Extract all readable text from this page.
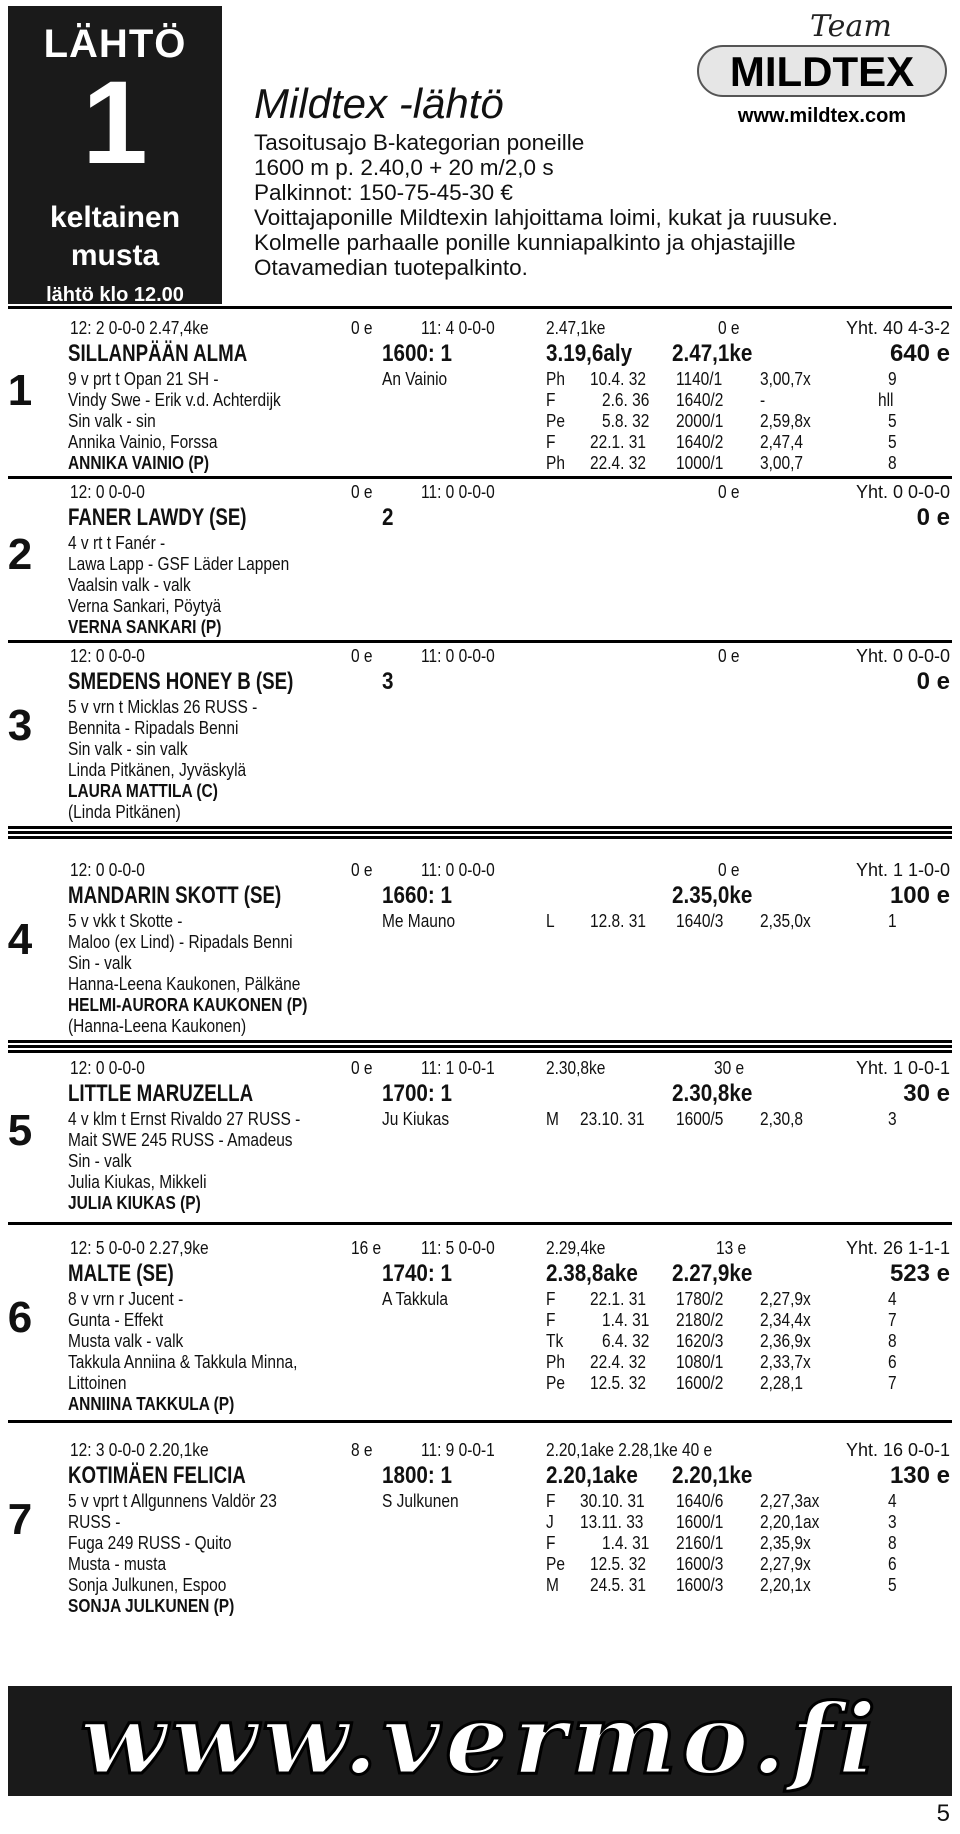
LÄHTÖ
1
keltainen
musta
lähtö klo 12.00
Mildtex -lähtö
Tasoitusajo B-kategorian poneille
1600 m p. 2.40,0 + 20 m/2,0 s
Palkinnot: 150-75-45-30 €
Voittajaponille Mildtexin lahjoittama loimi, kukat ja ruusuke.
Kolmelle parhaalle ponille kunniapalkinto ja ohjastajille
Otavamedian tuotepalkinto.
Team
MILDTEX
www.mildtex.com
1
12: 2 0-0-0 2.47,4ke	0 e	11: 4 0-0-0	2.47,1ke	0 e	Yht. 40 4-3-2
SILLANPÄÄN ALMA	1600: 1	3.19,6aly 2.47,1ke	640 e
9 v prt t Opan 21 SH -
Vindy Swe - Erik v.d. Achterdijk
Sin valk - sin
Annika Vainio, Forssa
ANNIKA VAINIO (P)
An Vainio	Ph 10.4. 32 1140/1 3,00,7x	9
F	2.6. 36 1640/2 -	hll
Pe 5.8. 32 2000/1 2,59,8x	5
F 22.1. 31 1640/2 2,47,4	5
Ph 22.4. 32 1000/1 3,00,7	8
2
12: 0 0-0-0	0 e	11: 0 0-0-0	0 e	Yht. 0 0-0-0
FANER LAWDY (SE)	2	0 e
4 v rt t Fanér -
Lawa Lapp - GSF Läder Lappen
Vaalsin valk - valk
Verna Sankari, Pöytyä
VERNA SANKARI (P)
3
12: 0 0-0-0	0 e	11: 0 0-0-0	0 e	Yht. 0 0-0-0
SMEDENS HONEY B (SE)	3	0 e
5 v vrn t Micklas 26 RUSS -
Bennita - Ripadals Benni
Sin valk - sin valk
Linda Pitkänen, Jyväskylä
LAURA MATTILA (C)
(Linda Pitkänen)
4
12: 0 0-0-0	0 e	11: 0 0-0-0	0 e	Yht. 1 1-0-0
MANDARIN SKOTT (SE)	1660: 1	2.35,0ke	100 e
5 v vkk t Skotte -
Maloo (ex Lind) - Ripadals Benni
Sin - valk
Hanna-Leena Kaukonen, Pälkäne
HELMI-AURORA KAUKONEN (P)
(Hanna-Leena Kaukonen)
Me Mauno	L 12.8. 31 1640/3 2,35,0x	1
5
12: 0 0-0-0	0 e	11: 1 0-0-1	2.30,8ke	30 e	Yht. 1 0-0-1
LITTLE MARUZELLA	1700: 1	2.30,8ke	30 e
4 v klm t Ernst Rivaldo 27 RUSS -
Mait SWE 245 RUSS - Amadeus
Sin - valk
Julia Kiukas, Mikkeli
JULIA KIUKAS (P)
Ju Kiukas	M 23.10. 31 1600/5 2,30,8	3
6
12: 5 0-0-0 2.27,9ke	16 e 11: 5 0-0-0	2.29,4ke	13 e	Yht. 26 1-1-1
MALTE (SE)	1740: 1	2.38,8ake 2.27,9ke	523 e
8 v vrn r Jucent -
Gunta - Effekt
Musta valk - valk
Takkula Anniina & Takkula Minna,
Littoinen
ANNIINA TAKKULA (P)
A Takkula	F 22.1. 31 1780/2 2,27,9x	4
F	1.4. 31 2180/2 2,34,4x	7
Tk 6.4. 32 1620/3 2,36,9x	8
Ph 22.4. 32 1080/1 2,33,7x	6
Pe 12.5. 32 1600/2 2,28,1	7
7
12: 3 0-0-0 2.20,1ke	8 e	11: 9 0-0-1	2.20,1ake 2.28,1ke 40 e	Yht. 16 0-0-1
KOTIMÄEN FELICIA	1800: 1	2.20,1ake 2.20,1ke	130 e
5 v vprt t Allgunnens Valdör 23
RUSS -
Fuga 249 RUSS - Quito
Musta - musta
Sonja Julkunen, Espoo
SONJA JULKUNEN (P)
S Julkunen	F 30.10. 31 1640/6 2,27,3ax	4
J 13.11. 33 1600/1 2,20,1ax	3
F	1.4. 31 2160/1 2,35,9x	8
Pe 12.5. 32 1600/3 2,27,9x	6
M 24.5. 31 1600/3 2,20,1x	5
www.vermo.fi
5
